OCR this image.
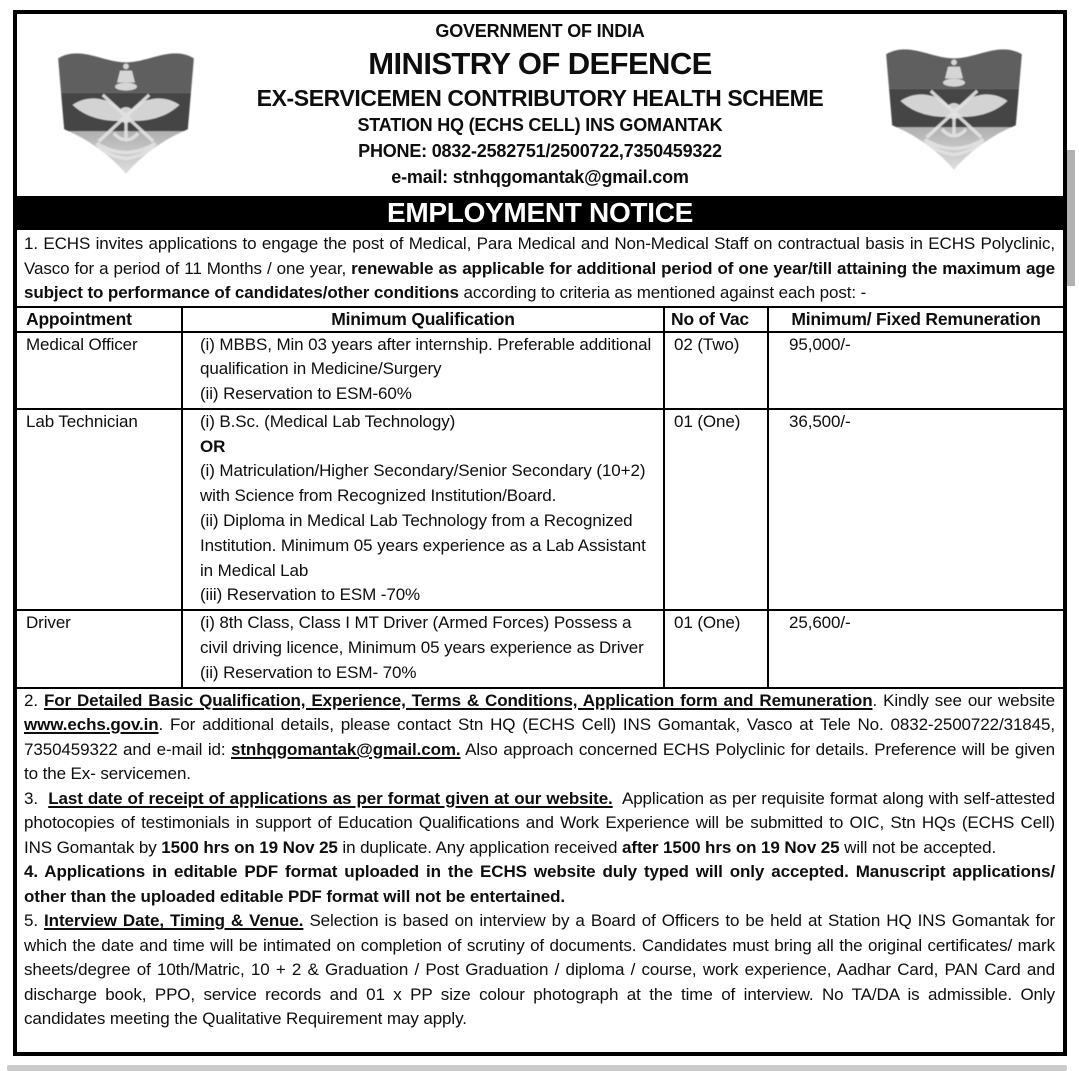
GOVERNMENT OF INDIA
MINISTRY OF DEFENCE
EX-SERVICEMEN CONTRIBUTORY HEALTH SCHEME
STATION HQ (ECHS CELL) INS GOMANTAK
PHONE: 0832-2582751/2500722,7350459322
e-mail: stnhqgomantak@gmail.com
EMPLOYMENT NOTICE

1. ECHS invites applications to engage the post of Medical, Para Medical and Non-Medical Staff on contractual basis in ECHS Polyclinic, Vasco for a period of 11 Months / one year, renewable as applicable for additional period of one year/till attaining the maximum age subject to performance of candidates/other conditions according to criteria as mentioned against each post: -

Appointment	Minimum Qualification	No of Vac	Minimum/ Fixed Remuneration
Medical Officer	(i) MBBS, Min 03 years after internship. Preferable additional
qualification in Medicine/Surgery
(ii) Reservation to ESM-60%	02 (Two)	95,000/-
Lab Technician	(i) B.Sc. (Medical Lab Technology)
OR
(i) Matriculation/Higher Secondary/Senior Secondary (10+2)
with Science from Recognized Institution/Board.
(ii) Diploma in Medical Lab Technology from a Recognized
Institution. Minimum 05 years experience as a Lab Assistant
in Medical Lab
(iii) Reservation to ESM -70%
	01 (One)	36,500/-
Driver	(i) 8th Class, Class I MT Driver (Armed Forces) Possess a
civil driving licence, Minimum 05 years experience as Driver
(ii) Reservation to ESM- 70%	01 (One)	25,600/-

2. For Detailed Basic Qualification, Experience, Terms & Conditions, Application form and Remuneration. Kindly see our website www.echs.gov.in. For additional details, please contact Stn HQ (ECHS Cell) INS Gomantak, Vasco at Tele No. 0832-2500722/31845, 7350459322 and e-mail id: stnhqgomantak@gmail.com. Also approach concerned ECHS Polyclinic for details. Preference will be given to the Ex- servicemen.

3.  Last date of receipt of applications as per format given at our website.  Application as per requisite format along with self-attested photocopies of testimonials in support of Education Qualifications and Work Experience will be submitted to OIC, Stn HQs (ECHS Cell) INS Gomantak by 1500 hrs on 19 Nov 25 in duplicate. Any application received after 1500 hrs on 19 Nov 25 will not be accepted.

4. Applications in editable PDF format uploaded in the ECHS website duly typed will only accepted. Manuscript applications/ other than the uploaded editable PDF format will not be entertained.

5. Interview Date, Timing & Venue. Selection is based on interview by a Board of Officers to be held at Station HQ INS Gomantak for which the date and time will be intimated on completion of scrutiny of documents. Candidates must bring all the original certificates/ mark sheets/degree of 10th/Matric, 10 + 2 & Graduation / Post Graduation / diploma / course, work experience, Aadhar Card, PAN Card and discharge book, PPO, service records and 01 x PP size colour photograph at the time of interview. No TA/DA is admissible. Only candidates meeting the Qualitative Requirement may apply.
